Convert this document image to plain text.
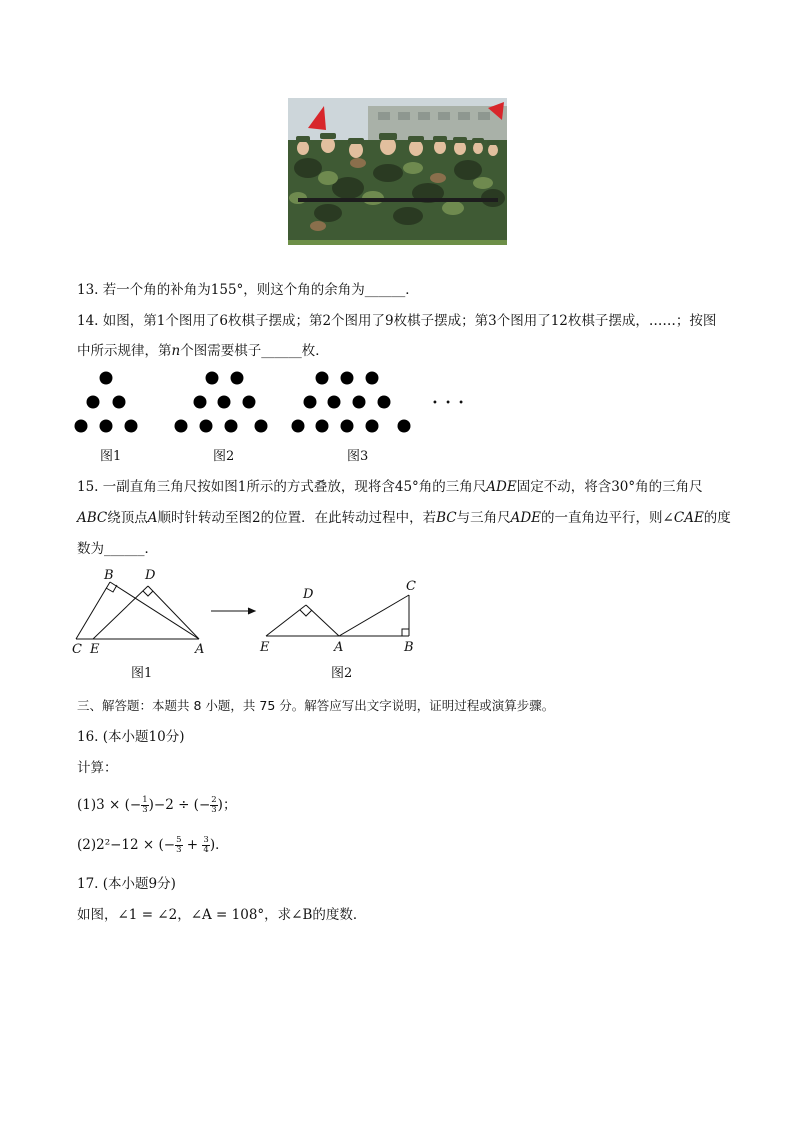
13. 若一个角的补角为155°，则这个角的余角为______．
14. 如图，第1个图用了6枚棋子摆成；第2个图用了9枚棋子摆成；第3个图用了12枚棋子摆成，……；按图
中所示规律，第n个图需要棋子______枚．
• • •
图1	图2	图3
15. 一副直角三角尺按如图1所示的方式叠放，现将含45°角的三角尺ADE固定不动，将含30°角的三角尺
ABC绕顶点A顺时针转动至图2的位置．在此转动过程中，若BC与三角尺ADE的一直角边平行，则∠CAE的度
数为______．
B D
C E	A
图1
D
C
E	A	B
图2
三、解答题：本题共 8 小题，共 75 分。解答应写出文字说明，证明过程或演算步骤。
16. (本小题10分)
计算：
(1)3 × (− $\frac{1}{3} )-2$ ÷ (− $\frac{2}{3}$ )；
(2)2²−12 × (− $\frac{5}{3} + \frac{3}{4}$ )．
17. (本小题9分)
如图，∠1 = ∠2，∠A = 108°，求∠B的度数．
